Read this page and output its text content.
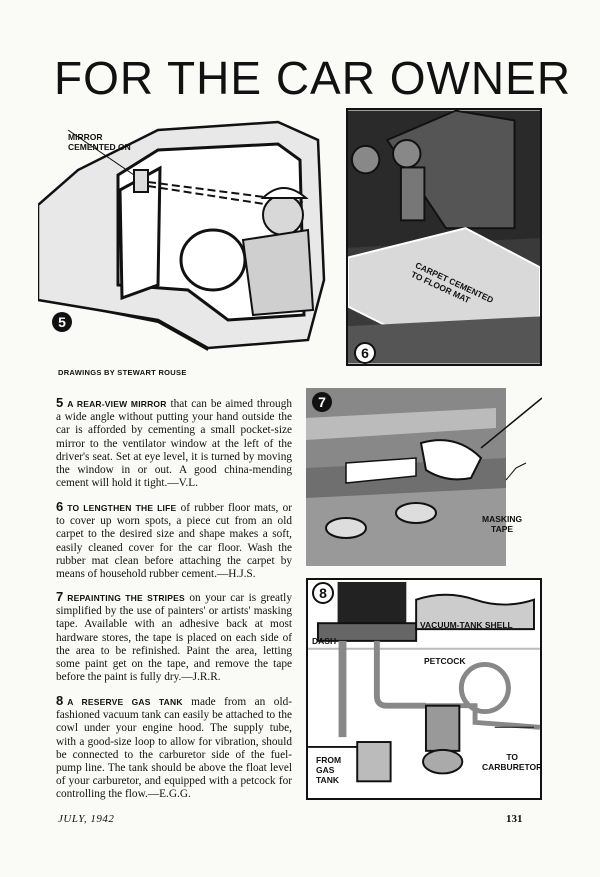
FOR THE CAR OWNER
MIRROR
CEMENTED ON
5
CARPET CEMENTED
TO FLOOR MAT
6
DRAWINGS BY STEWART ROUSE
7
MASKING
TAPE
8
DASH
VACUUM-TANK SHELL
PETCOCK
FROM
GAS
TANK
TO
CARBURETOR
5 A REAR-VIEW MIRROR that can be aimed through a wide angle without putting your hand outside the car is afforded by cementing a small pocket-size mirror to the ventilator window at the left of the driver's seat. Set at eye level, it is turned by moving the window in or out. A good china-mending cement will hold it tight.—V.L.
6 TO LENGTHEN THE LIFE of rubber floor mats, or to cover up worn spots, a piece cut from an old carpet to the desired size and shape makes a soft, easily cleaned cover for the car floor. Wash the rubber mat clean before attaching the carpet by means of household rubber cement.—H.J.S.
7 REPAINTING THE STRIPES on your car is greatly simplified by the use of painters' or artists' masking tape. Available with an adhesive back at most hardware stores, the tape is placed on each side of the area to be refinished. Paint the area, letting some paint get on the tape, and remove the tape before the paint is fully dry.—J.R.R.
8 A RESERVE GAS TANK made from an old-fashioned vacuum tank can easily be attached to the cowl under your engine hood. The supply tube, with a good-size loop to allow for vibration, should be connected to the carburetor side of the fuel-pump line. The tank should be above the float level of your carburetor, and equipped with a petcock for controlling the flow.—E.G.G.
JULY, 1942	131
